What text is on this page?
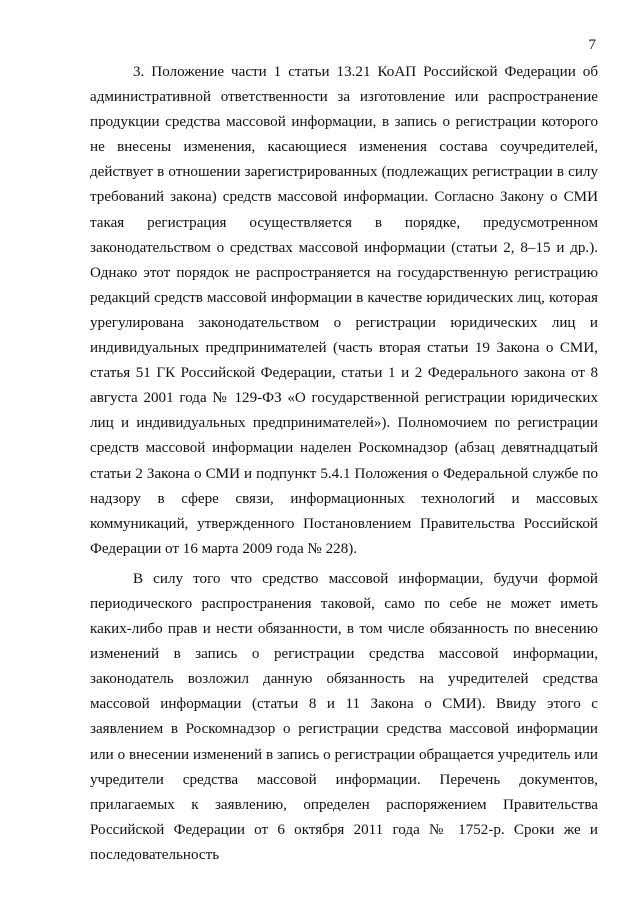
7

3. Положение части 1 статьи 13.21 КоАП Российской Федерации об административной ответственности за изготовление или распространение продукции средства массовой информации, в запись о регистрации которого не внесены изменения, касающиеся изменения состава соучредителей, действует в отношении зарегистрированных (подлежащих регистрации в силу требований закона) средств массовой информации. Согласно Закону о СМИ такая регистрация осуществляется в порядке, предусмотренном законодательством о средствах массовой информации (статьи 2, 8–15 и др.). Однако этот порядок не распространяется на государственную регистрацию редакций средств массовой информации в качестве юридических лиц, которая урегулирована законодательством о регистрации юридических лиц и индивидуальных предпринимателей (часть вторая статьи 19 Закона о СМИ, статья 51 ГК Российской Федерации, статьи 1 и 2 Федерального закона от 8 августа 2001 года № 129-ФЗ «О государственной регистрации юридических лиц и индивидуальных предпринимателей»). Полномочием по регистрации средств массовой информации наделен Роскомнадзор (абзац девятнадцатый статьи 2 Закона о СМИ и подпункт 5.4.1 Положения о Федеральной службе по надзору в сфере связи, информационных технологий и массовых коммуникаций, утвержденного Постановлением Правительства Российской Федерации от 16 марта 2009 года № 228).

В силу того что средство массовой информации, будучи формой периодического распространения таковой, само по себе не может иметь каких-либо прав и нести обязанности, в том числе обязанность по внесению изменений в запись о регистрации средства массовой информации, законодатель возложил данную обязанность на учредителей средства массовой информации (статьи 8 и 11 Закона о СМИ). Ввиду этого с заявлением в Роскомнадзор о регистрации средства массовой информации или о внесении изменений в запись о регистрации обращается учредитель или учредители средства массовой информации. Перечень документов, прилагаемых к заявлению, определен распоряжением Правительства Российской Федерации от 6 октября 2011 года № 1752-р. Сроки же и последовательность
